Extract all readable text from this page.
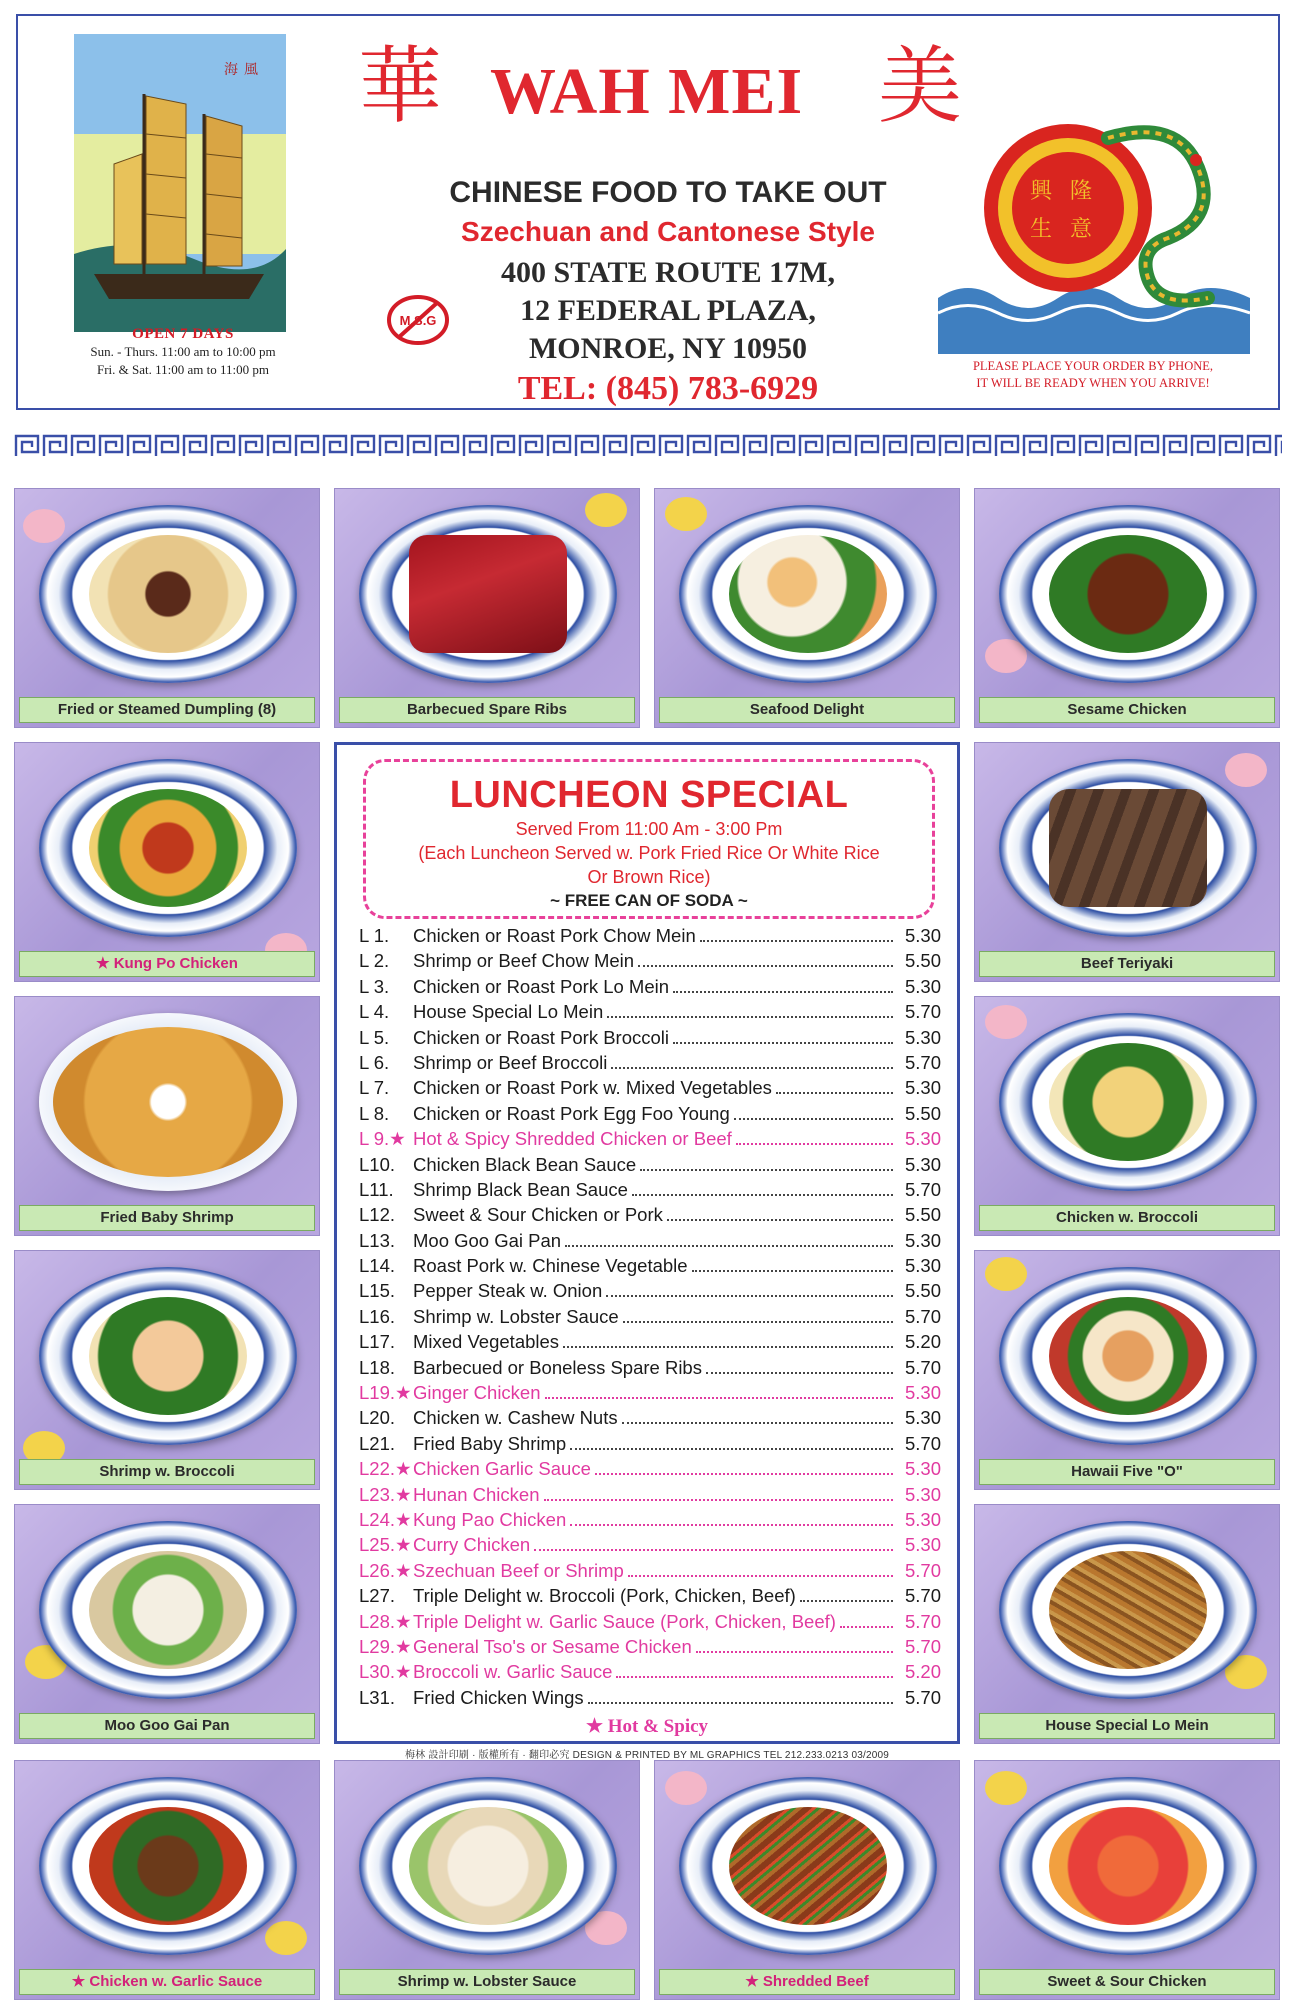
海 風
OPEN 7 DAYS
Sun. - Thurs. 11:00 am to 10:00 pm
Fri. & Sat. 11:00 am to 11:00 pm
華 WAH MEI 美
CHINESE FOOD TO TAKE OUT
Szechuan and Cantonese Style
400 STATE ROUTE 17M,
12 FEDERAL PLAZA,
MONROE, NY 10950
TEL: (845) 783-6929
M.S.G
興 隆
生 意
PLEASE PLACE YOUR ORDER BY PHONE,
IT WILL BE READY WHEN YOU ARRIVE!
Fried or Steamed Dumpling (8)	Barbecued Spare Ribs	Seafood Delight	Sesame Chicken
★ Kung Po Chicken
Fried Baby Shrimp
Shrimp w. Broccoli
Moo Goo Gai Pan
Beef Teriyaki
Chicken w. Broccoli
Hawaii Five "O"
House Special Lo Mein
★ Chicken w. Garlic Sauce	Shrimp w. Lobster Sauce	★ Shredded Beef	Sweet & Sour Chicken
LUNCHEON SPECIAL
Served From 11:00 Am - 3:00 Pm
(Each Luncheon Served w. Pork Fried Rice Or White Rice
Or Brown Rice)
~ FREE CAN OF SODA ~
L 1.	Chicken or Roast Pork Chow Mein	5.30
L 2.	Shrimp or Beef Chow Mein	5.50
L 3.	Chicken or Roast Pork Lo Mein	5.30
L 4.	House Special Lo Mein	5.70
L 5.	Chicken or Roast Pork Broccoli	5.30
L 6.	Shrimp or Beef Broccoli	5.70
L 7.	Chicken or Roast Pork w. Mixed Vegetables	5.30
L 8.	Chicken or Roast Pork Egg Foo Young	5.50
L 9.★ Hot & Spicy Shredded Chicken or Beef	5.30
L10. Chicken Black Bean Sauce	5.30
L11.	Shrimp Black Bean Sauce	5.70
L12. Sweet & Sour Chicken or Pork	5.50
L13. Moo Goo Gai Pan	5.30
L14. Roast Pork w. Chinese Vegetable	5.30
L15. Pepper Steak w. Onion	5.50
L16. Shrimp w. Lobster Sauce	5.70
L17. Mixed Vegetables	5.20
L18. Barbecued or Boneless Spare Ribs	5.70
L19.★ Ginger Chicken	5.30
L20. Chicken w. Cashew Nuts	5.30
L21. Fried Baby Shrimp	5.70
L22.★ Chicken Garlic Sauce	5.30
L23.★ Hunan Chicken	5.30
L24.★ Kung Pao Chicken	5.30
L25.★ Curry Chicken	5.30
L26.★ Szechuan Beef or Shrimp	5.70
L27. Triple Delight w. Broccoli (Pork, Chicken, Beef)	5.70
L28.★ Triple Delight w. Garlic Sauce (Pork, Chicken, Beef)	5.70
L29.★ General Tso's or Sesame Chicken	5.70
L30.★ Broccoli w. Garlic Sauce	5.20
L31. Fried Chicken Wings	5.70
★ Hot & Spicy
梅林 設計印刷 · 版權所有 · 翻印必究 DESIGN & PRINTED BY ML GRAPHICS TEL 212.233.0213 03/2009
